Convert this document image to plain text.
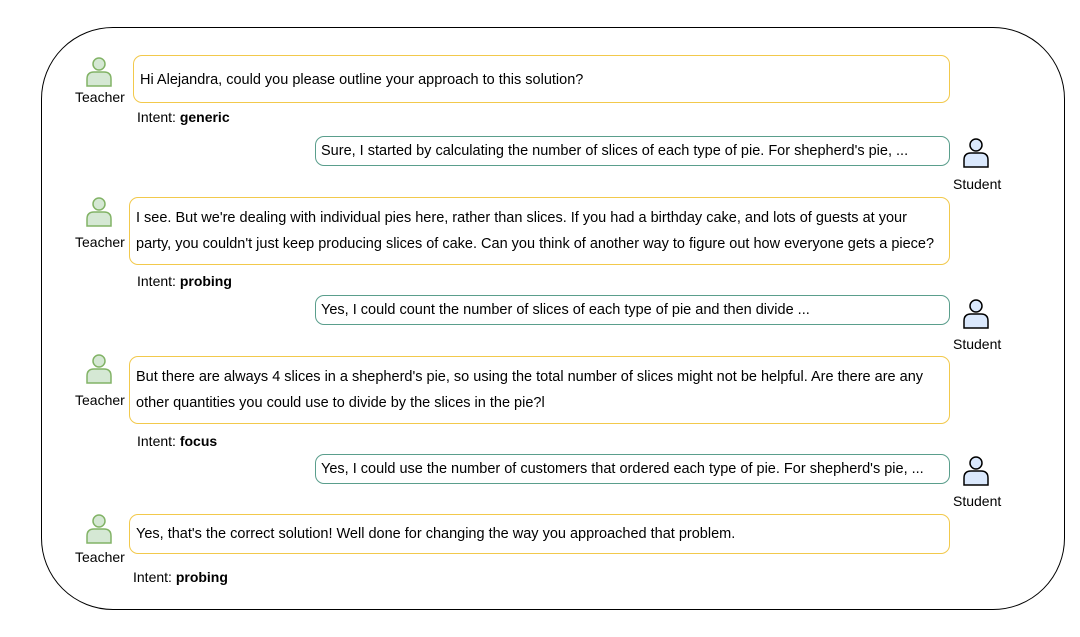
Teacher
Hi Alejandra, could you please outline your approach to this solution?
Intent: generic
Sure, I started by calculating the number of slices of each type of pie. For shepherd's pie, ...
Student
Teacher
I see. But we're dealing with individual pies here, rather than slices. If you had a birthday cake, and lots of guests at your party, you couldn't just keep producing slices of cake. Can you think of another way to figure out how everyone gets a piece?
Intent: probing
Yes, I could count the number of slices of each type of pie and then divide ...
Student
Teacher
But there are always 4 slices in a shepherd's pie, so using the total number of slices might not be helpful. Are there are any other quantities you could use to divide by the slices in the pie?l
Intent: focus
Yes, I could use the number of customers that ordered each type of pie. For shepherd's pie, ...
Student
Teacher
Yes, that's the correct solution! Well done for changing the way you approached that problem.
Intent: probing
